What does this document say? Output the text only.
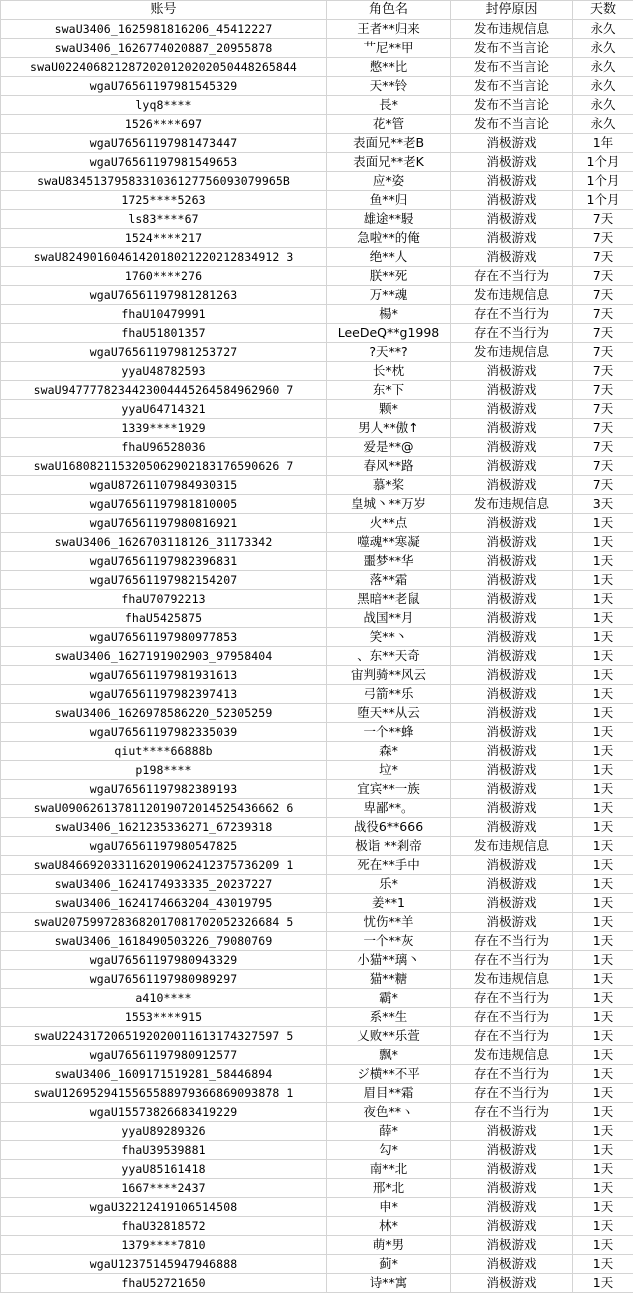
账号	角色名	封停原因	天数
swaU3406_1625981816206_45412227	王者**归来	发布违规信息	永久
swaU3406_1626774020887_20955878	艹尼**甲	发布不当言论	永久
swaU0224068212872020120202050448265844	憋**比	发布不当言论	永久
wgaU76561197981545329	天**铃	发布不当言论	永久
lyq8****	長*	发布不当言论	永久
1526****697	花*管	发布不当言论	永久
wgaU76561197981473447	表面兄**老B	消极游戏	1年
wgaU76561197981549653	表面兄**老K	消极游戏	1个月
swaU8345137958331036127756093079965B	应*姿	消极游戏	1个月
1725****5263	鱼**归	消极游戏	1个月
ls83****67	雄途**駸	消极游戏	7天
1524****217	急啦**的俺	消极游戏	7天
swaU8249016046142018021220212834912 3	绝**人	消极游戏	7天
1760****276	朕**死	存在不当行为	7天
wgaU76561197981281263	万**魂	发布违规信息	7天
fhaU10479991	楊*	存在不当行为	7天
fhaU51801357	LeeDeQ**g1998	存在不当行为	7天
wgaU76561197981253727	?天**?	发布违规信息	7天
yyaU48782593	长*枕	消极游戏	7天
swaU9477778234423004445264584962960 7	东*下	消极游戏	7天
yyaU64714321	颗*	消极游戏	7天
1339****1929	男人**傲↑	消极游戏	7天
fhaU96528036	爱是**@	消极游戏	7天
swaU1680821153205062902183176590626 7	春风**路	消极游戏	7天
wgaU87261107984930315	慕*桨	消极游戏	7天
wgaU76561197981810005	皇城丶**万岁	发布违规信息	3天
wgaU76561197980816921	火**点	消极游戏	1天
swaU3406_1626703118126_31173342	噬魂**寒凝	消极游戏	1天
wgaU76561197982396831	噩梦**华	消极游戏	1天
wgaU76561197982154207	落**霜	消极游戏	1天
fhaU70792213	黑暗**老鼠	消极游戏	1天
fhaU5425875	战国**月	消极游戏	1天
wgaU76561197980977853	笑**丶	消极游戏	1天
swaU3406_1627191902903_97958404	、东**天奇	消极游戏	1天
wgaU76561197981931613	宙判骑**风云	消极游戏	1天
wgaU76561197982397413	弓箭**乐	消极游戏	1天
swaU3406_1626978586220_52305259	堕天**从云	消极游戏	1天
wgaU76561197982335039	一个**蜂	消极游戏	1天
qiut****66888b	森*	消极游戏	1天
p198****	垃*	消极游戏	1天
wgaU76561197982389193	宜宾**一族	消极游戏	1天
swaU0906261378112019072014525436662 6	卑鄙**。	消极游戏	1天
swaU3406_1621235336271_67239318	战役6**666	消极游戏	1天
wgaU76561197980547825	极诣 **剎帝	发布违规信息	1天
swaU8466920331162019062412375736209 1	死在**手中	消极游戏	1天
swaU3406_1624174933335_20237227	乐*	消极游戏	1天
swaU3406_1624174663204_43019795	姜**1	消极游戏	1天
swaU2075997283682017081702052326684 5	忧伤**羊	消极游戏	1天
swaU3406_1618490503226_79080769	一个**灰	存在不当行为	1天
wgaU76561197980943329	小猫**璃丶	存在不当行为	1天
wgaU76561197980989297	猫**糖	发布违规信息	1天
a410****	霸*	存在不当行为	1天
1553****915	系**生	存在不当行为	1天
swaU2243172065192020011613174327597 5	乂败**乐萱	存在不当行为	1天
wgaU76561197980912577	飘*	发布违规信息	1天
swaU3406_1609171519281_58446894	ジ横**不平	存在不当行为	1天
swaU1269529415565588979366869093878 1	眉目**霜	存在不当行为	1天
wgaU15573826683419229	夜色**ヽ	存在不当行为	1天
yyaU89289326	薛*	消极游戏	1天
fhaU39539881	勾*	消极游戏	1天
yyaU85161418	南**北	消极游戏	1天
1667****2437	邢*北	消极游戏	1天
wgaU32212419106514508	申*	消极游戏	1天
fhaU32818572	林*	消极游戏	1天
1379****7810	萌*男	消极游戏	1天
wgaU12375145947946888	蓟*	消极游戏	1天
fhaU52721650	诗**寓	消极游戏	1天
